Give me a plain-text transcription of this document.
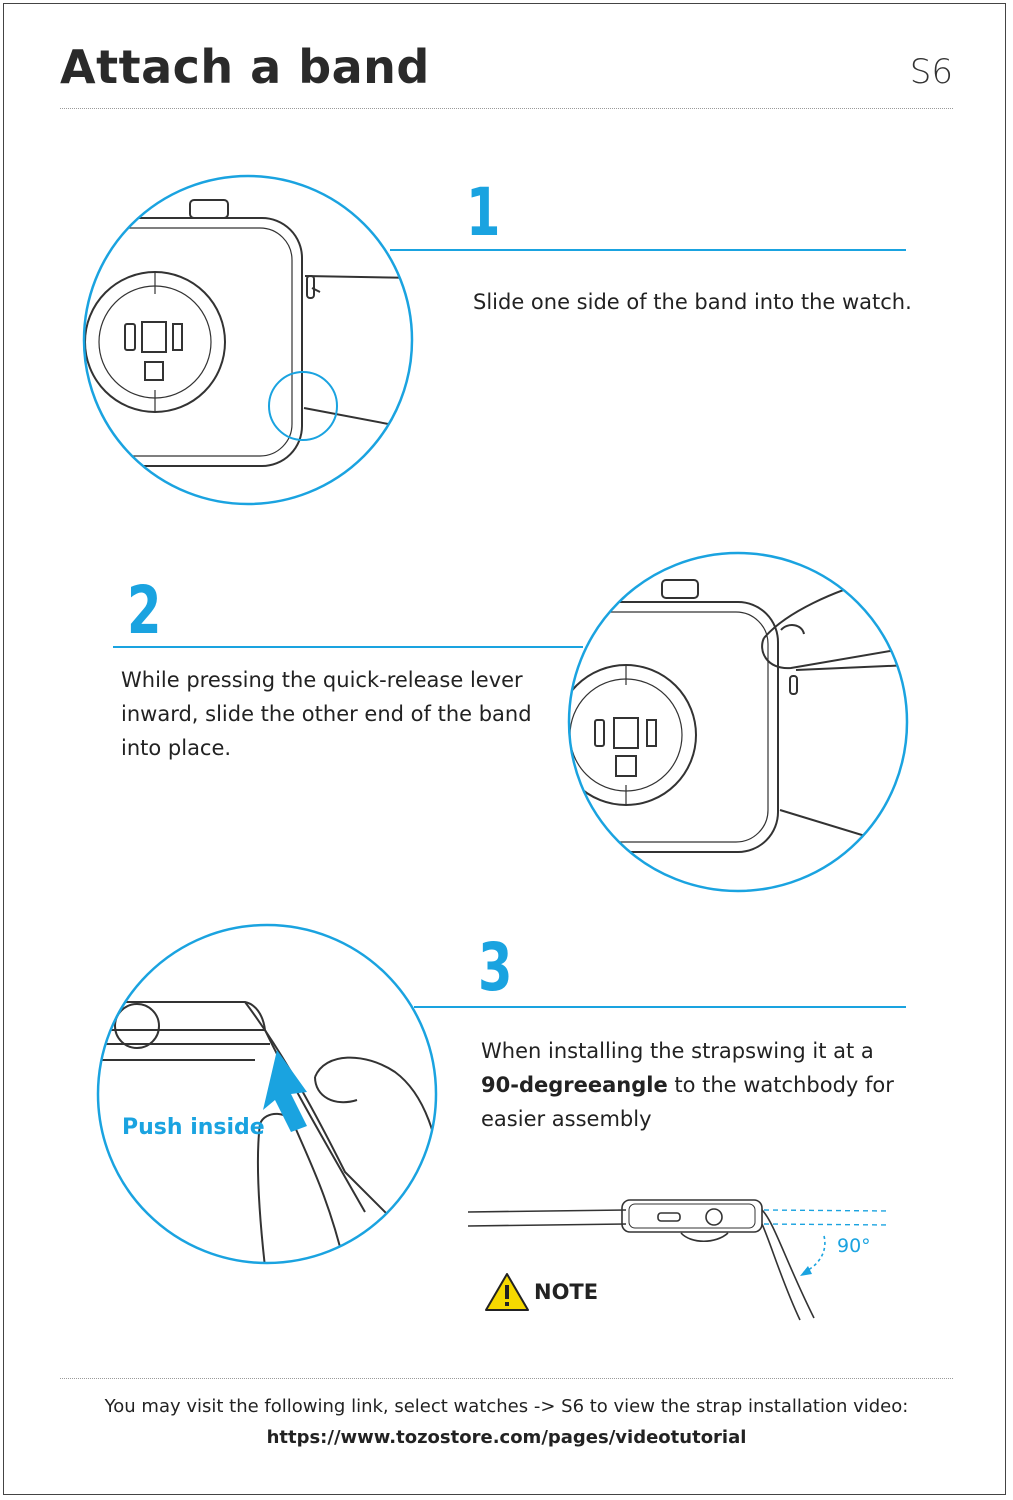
Attach a band	S6
1
Slide one side of the band into the watch.
2
While pressing the quick-release lever
inward, slide the other end of the band
into place.
Push inside
3
When installing the strapswing it at a
90-degreeangle to the watchbody for
easier assembly
90°
NOTE
You may visit the following link, select watches -> S6 to view the strap installation video:
https://www.tozostore.com/pages/videotutorial
